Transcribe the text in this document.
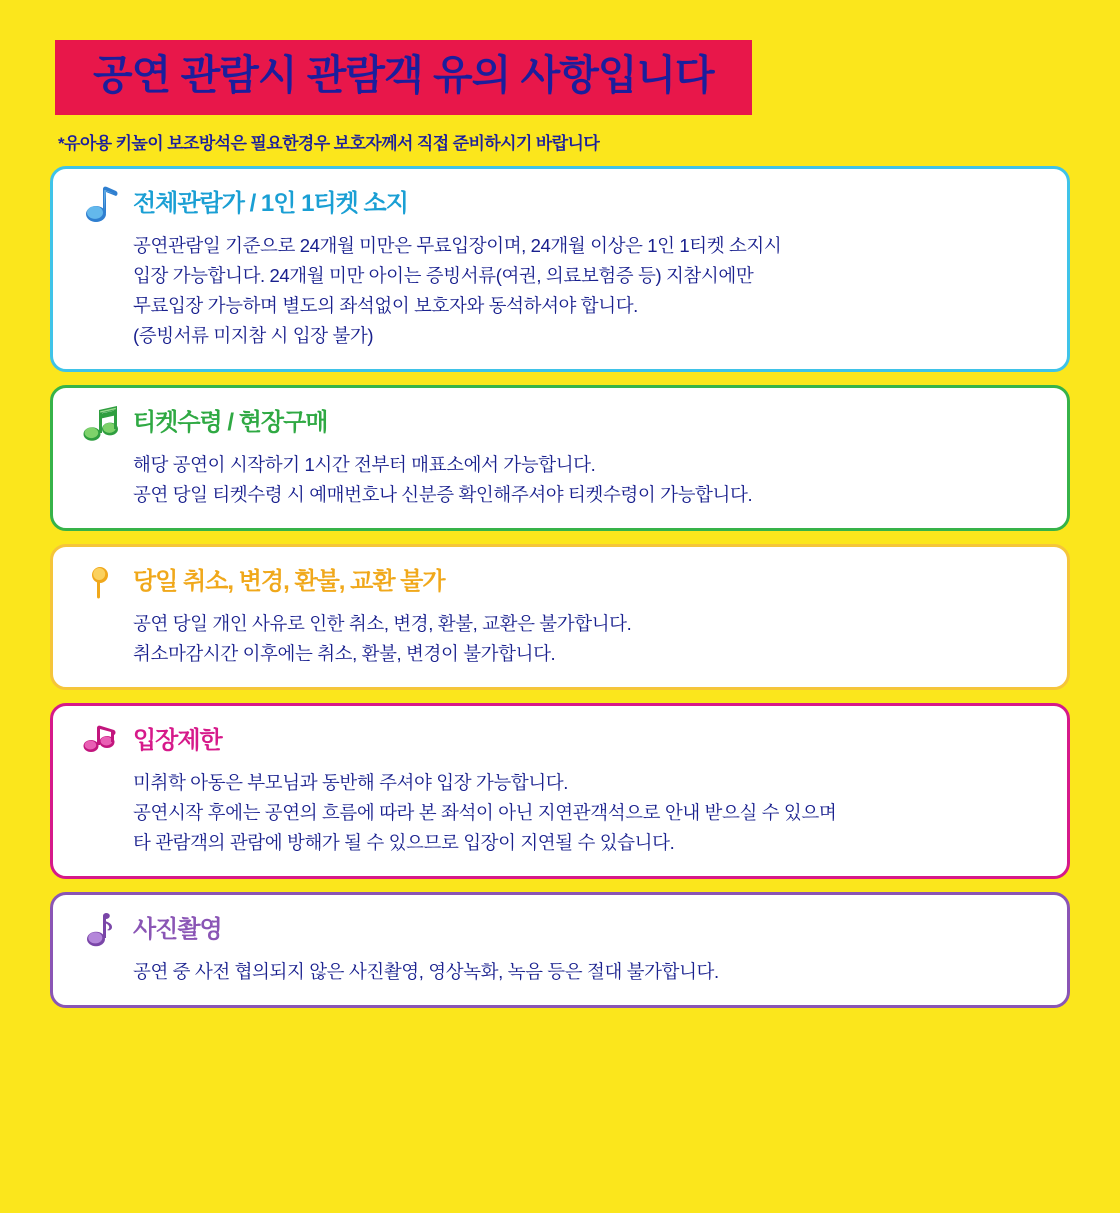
공연 관람시 관람객 유의 사항입니다
*유아용 키높이 보조방석은 필요한경우 보호자께서 직접 준비하시기 바랍니다
전체관람가 / 1인 1티켓 소지
공연관람일 기준으로 24개월 미만은 무료입장이며, 24개월 이상은 1인 1티켓 소지시
입장 가능합니다. 24개월 미만 아이는 증빙서류(여권, 의료보험증 등) 지참시에만
무료입장 가능하며 별도의 좌석없이 보호자와 동석하셔야 합니다.
(증빙서류 미지참 시 입장 불가)
티켓수령 / 현장구매
해당 공연이 시작하기 1시간 전부터 매표소에서 가능합니다.
공연 당일 티켓수령 시 예매번호나 신분증 확인해주셔야 티켓수령이 가능합니다.
당일 취소, 변경, 환불, 교환 불가
공연 당일 개인 사유로 인한 취소, 변경, 환불, 교환은 불가합니다.
취소마감시간 이후에는 취소, 환불, 변경이 불가합니다.
입장제한
미취학 아동은 부모님과 동반해 주셔야 입장 가능합니다.
공연시작 후에는 공연의 흐름에 따라 본 좌석이 아닌 지연관객석으로 안내 받으실 수 있으며
타 관람객의 관람에 방해가 될 수 있으므로 입장이 지연될 수 있습니다.
사진촬영
공연 중 사전 협의되지 않은 사진촬영, 영상녹화, 녹음 등은 절대 불가합니다.
